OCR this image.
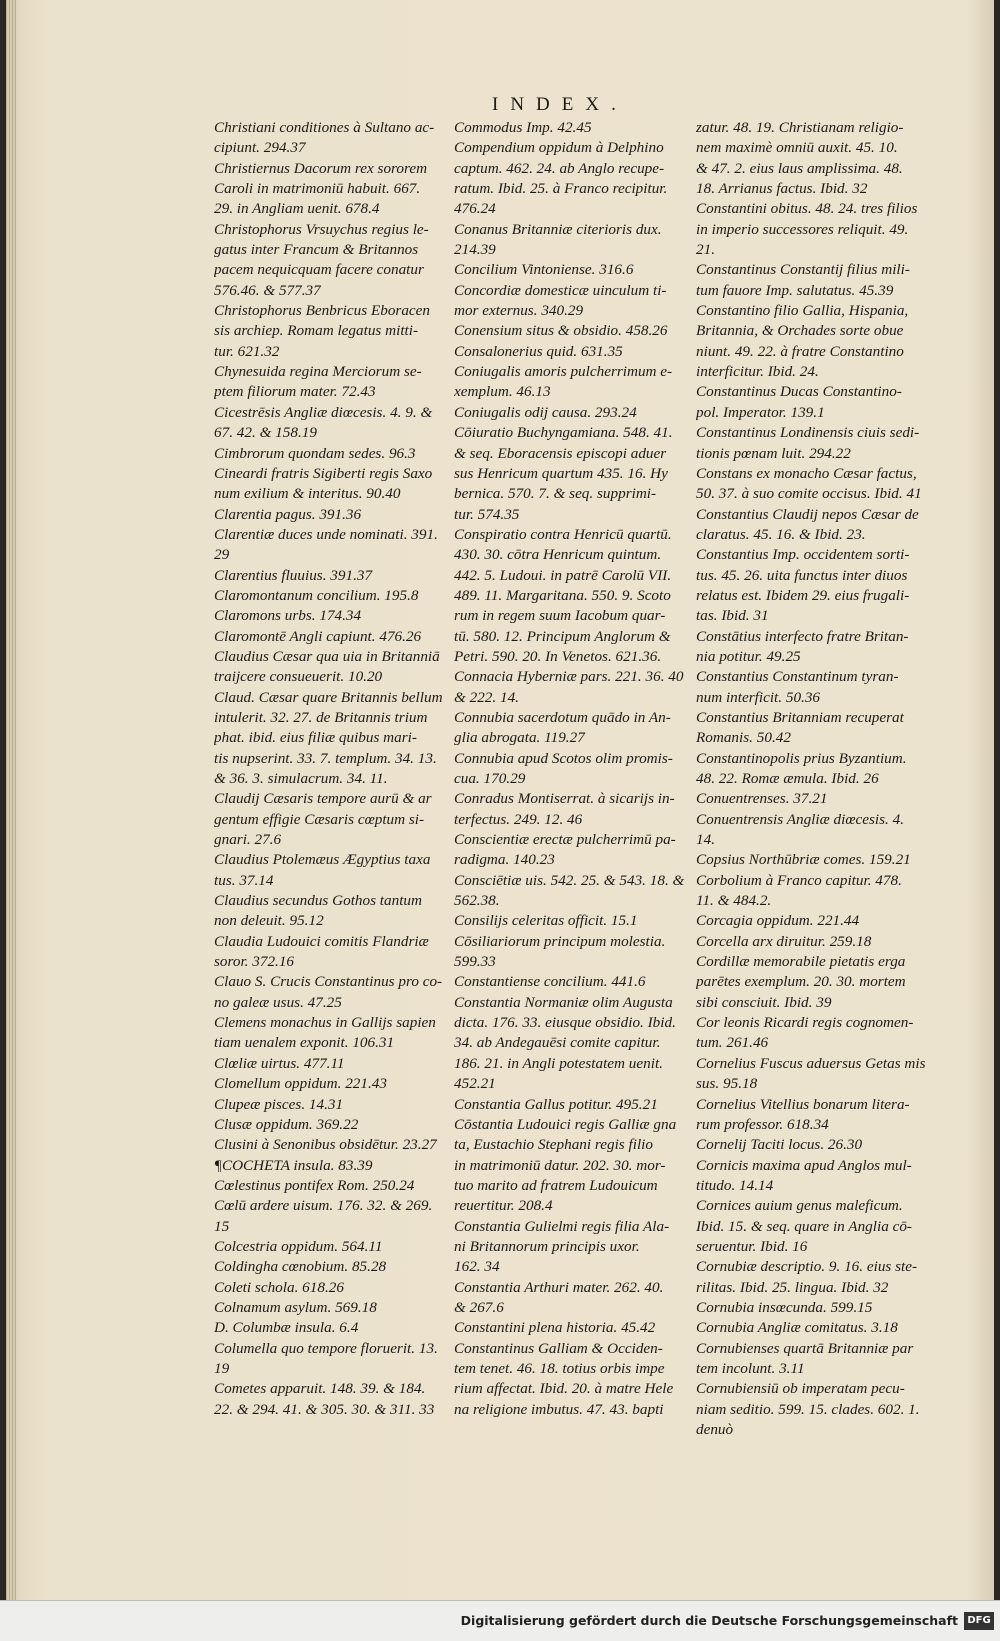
INDEX.
Christiani conditiones à Sultano ac-
cipiunt. 294.37
Christiernus Dacorum rex sororem
Caroli in matrimoniū habuit. 667.
29. in Angliam uenit. 678.4
Christophorus Vrsuychus regius le-
gatus inter Francum & Britannos
pacem nequicquam facere conatur
576.46. & 577.37
Christophorus Benbricus Eboracen
sis archiep. Romam legatus mitti-
tur. 621.32
Chynesuida regina Merciorum se-
ptem filiorum mater. 72.43
Cicestrēsis Angliæ diœcesis. 4. 9. &
67. 42. & 158.19
Cimbrorum quondam sedes. 96.3
Cineardi fratris Sigiberti regis Saxo
num exilium & interitus. 90.40
Clarentia pagus. 391.36
Clarentiæ duces unde nominati. 391.
29
Clarentius fluuius. 391.37
Claromontanum concilium. 195.8
Claromons urbs. 174.34
Claromontē Angli capiunt. 476.26
Claudius Cæsar qua uia in Britanniā
traijcere consueuerit. 10.20
Claud. Cæsar quare Britannis bellum
intulerit. 32. 27. de Britannis trium
phat. ibid. eius filiæ quibus mari-
tis nupserint. 33. 7. templum. 34. 13.
& 36. 3. simulacrum. 34. 11.
Claudij Cæsaris tempore aurū & ar
gentum effigie Cæsaris cœptum si-
gnari. 27.6
Claudius Ptolemæus Ægyptius taxa
tus. 37.14
Claudius secundus Gothos tantum
non deleuit. 95.12
Claudia Ludouici comitis Flandriæ
soror. 372.16
Clauo S. Crucis Constantinus pro co-
no galeæ usus. 47.25
Clemens monachus in Gallijs sapien
tiam uenalem exponit. 106.31
Clœliæ uirtus. 477.11
Clomellum oppidum. 221.43
Clupeæ pisces. 14.31
Clusæ oppidum. 369.22
Clusini à Senonibus obsidētur. 23.27
¶COCHETA insula. 83.39
Cœlestinus pontifex Rom. 250.24
Cœlū ardere uisum. 176. 32. & 269.
15
Colcestria oppidum. 564.11
Coldingha cœnobium. 85.28
Coleti schola. 618.26
Colnamum asylum. 569.18
D. Columbæ insula. 6.4
Columella quo tempore floruerit. 13.
19
Cometes apparuit. 148. 39. & 184.
22. & 294. 41. & 305. 30. & 311. 33
Commodus Imp. 42.45
Compendium oppidum à Delphino
captum. 462. 24. ab Anglo recupe-
ratum. Ibid. 25. à Franco recipitur.
476.24
Conanus Britanniæ citerioris dux.
214.39
Concilium Vintoniense. 316.6
Concordiæ domesticæ uinculum ti-
mor externus. 340.29
Conensium situs & obsidio. 458.26
Consalonerius quid. 631.35
Coniugalis amoris pulcherrimum e-
xemplum. 46.13
Coniugalis odij causa. 293.24
Cōiuratio Buchyngamiana. 548. 41.
& seq. Eboracensis episcopi aduer
sus Henricum quartum 435. 16. Hy
bernica. 570. 7. & seq. supprimi-
tur. 574.35
Conspiratio contra Henricū quartū.
430. 30. cōtra Henricum quintum.
442. 5. Ludoui. in patrē Carolū VII.
489. 11. Margaritana. 550. 9. Scoto
rum in regem suum Iacobum quar-
tū. 580. 12. Principum Anglorum &
Petri. 590. 20. In Venetos. 621.36.
Connacia Hyberniæ pars. 221. 36. 40
& 222. 14.
Connubia sacerdotum quādo in An-
glia abrogata. 119.27
Connubia apud Scotos olim promis-
cua. 170.29
Conradus Montiserrat. à sicarijs in-
terfectus. 249. 12. 46
Conscientiæ erectæ pulcherrimū pa-
radigma. 140.23
Consciētiæ uis. 542. 25. & 543. 18. &
562.38.
Consilijs celeritas officit. 15.1
Cōsiliariorum principum molestia.
599.33
Constantiense concilium. 441.6
Constantia Normaniæ olim Augusta
dicta. 176. 33. eiusque obsidio. Ibid.
34. ab Andegauēsi comite capitur.
186. 21. in Angli potestatem uenit.
452.21
Constantia Gallus potitur. 495.21
Cōstantia Ludouici regis Galliæ gna
ta, Eustachio Stephani regis filio
in matrimoniū datur. 202. 30. mor-
tuo marito ad fratrem Ludouicum
reuertitur. 208.4
Constantia Gulielmi regis filia Ala-
ni Britannorum principis uxor.
162. 34
Constantia Arthuri mater. 262. 40.
& 267.6
Constantini plena historia. 45.42
Constantinus Galliam & Occiden-
tem tenet. 46. 18. totius orbis impe
rium affectat. Ibid. 20. à matre Hele
na religione imbutus. 47. 43. bapti
zatur. 48. 19. Christianam religio-
nem maximè omniū auxit. 45. 10.
& 47. 2. eius laus amplissima. 48.
18. Arrianus factus. Ibid. 32
Constantini obitus. 48. 24. tres filios
in imperio successores reliquit. 49.
21.
Constantinus Constantij filius mili-
tum fauore Imp. salutatus. 45.39
Constantino filio Gallia, Hispania,
Britannia, & Orchades sorte obue
niunt. 49. 22. à fratre Constantino
interficitur. Ibid. 24.
Constantinus Ducas Constantino-
pol. Imperator. 139.1
Constantinus Londinensis ciuis sedi-
tionis pœnam luit. 294.22
Constans ex monacho Cæsar factus,
50. 37. à suo comite occisus. Ibid. 41
Constantius Claudij nepos Cæsar de
claratus. 45. 16. & Ibid. 23.
Constantius Imp. occidentem sorti-
tus. 45. 26. uita functus inter diuos
relatus est. Ibidem 29. eius frugali-
tas. Ibid. 31
Constātius interfecto fratre Britan-
nia potitur. 49.25
Constantius Constantinum tyran-
num interficit. 50.36
Constantius Britanniam recuperat
Romanis. 50.42
Constantinopolis prius Byzantium.
48. 22. Romæ æmula. Ibid. 26
Conuentrenses. 37.21
Conuentrensis Angliæ diœcesis. 4.
14.
Copsius Northūbriæ comes. 159.21
Corbolium à Franco capitur. 478.
11. & 484.2.
Corcagia oppidum. 221.44
Corcella arx diruitur. 259.18
Cordillæ memorabile pietatis erga
parētes exemplum. 20. 30. mortem
sibi consciuit. Ibid. 39
Cor leonis Ricardi regis cognomen-
tum. 261.46
Cornelius Fuscus aduersus Getas mis
sus. 95.18
Cornelius Vitellius bonarum litera-
rum professor. 618.34
Cornelij Taciti locus. 26.30
Cornicis maxima apud Anglos mul-
titudo. 14.14
Cornices auium genus maleficum.
Ibid. 15. & seq. quare in Anglia cō-
seruentur. Ibid. 16
Cornubiæ descriptio. 9. 16. eius ste-
rilitas. Ibid. 25. lingua. Ibid. 32
Cornubia insœcunda. 599.15
Cornubia Angliæ comitatus. 3.18
Cornubienses quartā Britanniæ par
tem incolunt. 3.11
Cornubiensiū ob imperatam pecu-
niam seditio. 599. 15. clades. 602. 1.
denuò
Digitalisierung gefördert durch die Deutsche Forschungsgemeinschaft DFG
